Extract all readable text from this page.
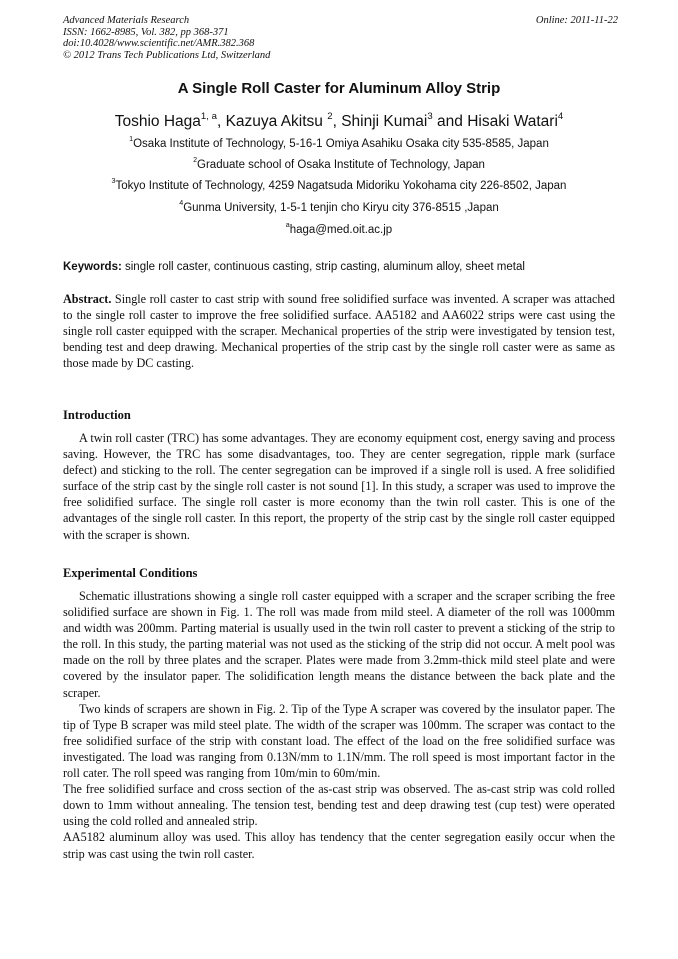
Advanced Materials Research
ISSN: 1662-8985, Vol. 382, pp 368-371
doi:10.4028/www.scientific.net/AMR.382.368
© 2012 Trans Tech Publications Ltd, Switzerland
Online: 2011-11-22
A Single Roll Caster for Aluminum Alloy Strip
Toshio Haga$^{1, a}$, Kazuya Akitsu $^2$, Shinji Kumai$^3$ and Hisaki Watari$^4$
$^1$Osaka Institute of Technology, 5-16-1 Omiya Asahiku Osaka city 535-8585, Japan
$^2$Graduate school of Osaka Institute of Technology, Japan
$^3$Tokyo Institute of Technology, 4259 Nagatsuda Midoriku Yokohama city 226-8502, Japan
$^4$Gunma University, 1-5-1 tenjin cho Kiryu city 376-8515 ,Japan
$^a$haga@med.oit.ac.jp
Keywords: single roll caster, continuous casting, strip casting, aluminum alloy, sheet metal
Abstract. Single roll caster to cast strip with sound free solidified surface was invented. A scraper was attached to the single roll caster to improve the free solidified surface. AA5182 and AA6022 strips were cast using the single roll caster equipped with the scraper. Mechanical properties of the strip were investigated by tension test, bending test and deep drawing. Mechanical properties of the strip cast by the single roll caster were as same as those made by DC casting.
Introduction
A twin roll caster (TRC) has some advantages. They are economy equipment cost, energy saving and process saving. However, the TRC has some disadvantages, too. They are center segregation, ripple mark (surface defect) and sticking to the roll. The center segregation can be improved if a single roll is used. A free solidified surface of the strip cast by the single roll caster is not sound [1]. In this study, a scraper was used to improve the free solidified surface. The single roll caster is more economy than the twin roll caster. This is one of the advantages of the single roll caster. In this report, the property of the strip cast by the single roll caster equipped with the scraper is shown.
Experimental Conditions
Schematic illustrations showing a single roll caster equipped with a scraper and the scraper scribing the free solidified surface are shown in Fig. 1. The roll was made from mild steel. A diameter of the roll was 1000mm and width was 200mm. Parting material is usually used in the twin roll caster to prevent a sticking of the strip to the roll. In this study, the parting material was not used as the sticking of the strip did not occur. A melt pool was made on the roll by three plates and the scraper. Plates were made from 3.2mm-thick mild steel plate and were covered by the insulator paper. The solidification length means the distance between the back plate and the scraper.
Two kinds of scrapers are shown in Fig. 2. Tip of the Type A scraper was covered by the insulator paper. The tip of Type B scraper was mild steel plate. The width of the scraper was 100mm. The scraper was contact to the free solidified surface of the strip with constant load. The effect of the load on the free solidified surface was investigated. The load was ranging from 0.13N/mm to 1.1N/mm. The roll speed is most important factor in the roll cater. The roll speed was ranging from 10m/min to 60m/min.
The free solidified surface and cross section of the as-cast strip was observed. The as-cast strip was cold rolled down to 1mm without annealing. The tension test, bending test and deep drawing test (cup test) were operated using the cold rolled and annealed strip.
AA5182 aluminum alloy was used. This alloy has tendency that the center segregation easily occur when the strip was cast using the twin roll caster.
